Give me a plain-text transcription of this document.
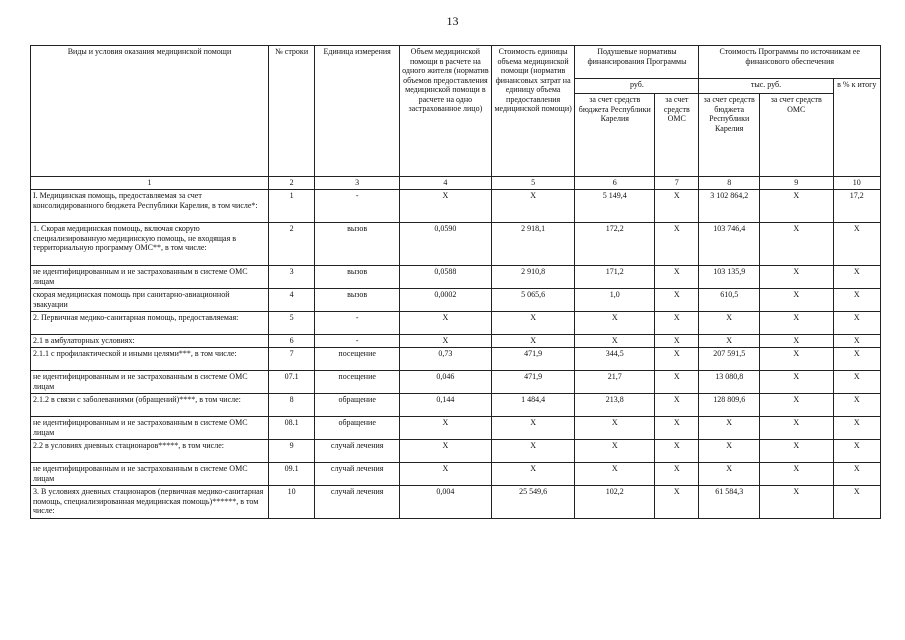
13
Виды и условия оказания медицинской помощи	№ строки	Единица измерения	Объем медицинской помощи в расчете на одного жителя (норматив объемов предоставления медицинской помощи в расчете на одно застрахованное лицо)	Стоимость единицы объема медицинской помощи (норматив финансовых затрат на единицу объема предоставления медицинской помощи)	Подушевые нормативы финансирования Программы		Стоимость Программы по источникам ее финансового обеспечения		
					руб.		тыс. руб.		в % к итогу
					за счет средств бюджета Республики Карелия	за счет средств ОМС	за счет средств бюджета Республики Карелия	за счет средств ОМС	
1	2	3	4	5	6	7	8	9	10
I. Медицинская помощь, предоставляемая за счет консолидированного бюджета Республики Карелия, в том числе*:	1	-	X	X	5 149,4	X	3 102 864,2	X	17,2
1. Скорая медицинская помощь, включая скорую специализированную медицинскую помощь, не входящая в территориальную программу ОМС**, в том числе:	2	вызов	0,0590	2 918,1	172,2	X	103 746,4	X	X
не идентифицированным и не застрахованным в системе ОМС лицам	3	вызов	0,0588	2 910,8	171,2	X	103 135,9	X	X
скорая медицинская помощь при санитарно-авиационной эвакуации	4	вызов	0,0002	5 065,6	1,0	X	610,5	X	X
2. Первичная медико-санитарная помощь, предоставляемая:	5	-	X	X	X	X	X	X	X
2.1 в амбулаторных условиях:	6	-	X	X	X	X	X	X	X
2.1.1 с профилактической и иными целями***, в том числе:	7	посещение	0,73	471,9	344,5	X	207 591,5	X	X
не идентифицированным и не застрахованным в системе ОМС лицам	07.1	посещение	0,046	471,9	21,7	X	13 080,8	X	X
2.1.2 в связи с заболеваниями (обращений)****, в том числе:	8	обращение	0,144	1 484,4	213,8	X	128 809,6	X	X
не идентифицированным и не застрахованным в системе ОМС лицам	08.1	обращение	X	X	X	X	X	X	X
2.2 в условиях дневных стационаров*****, в том числе:	9	случай лечения	X	X	X	X	X	X	X
не идентифицированным и не застрахованным в системе ОМС лицам	09.1	случай лечения	X	X	X	X	X	X	X
3. В условиях дневных стационаров (первичная медико-санитарная помощь, специализированная медицинская помощь)******, в том числе:	10	случай лечения	0,004	25 549,6	102,2	X	61 584,3	X	X
